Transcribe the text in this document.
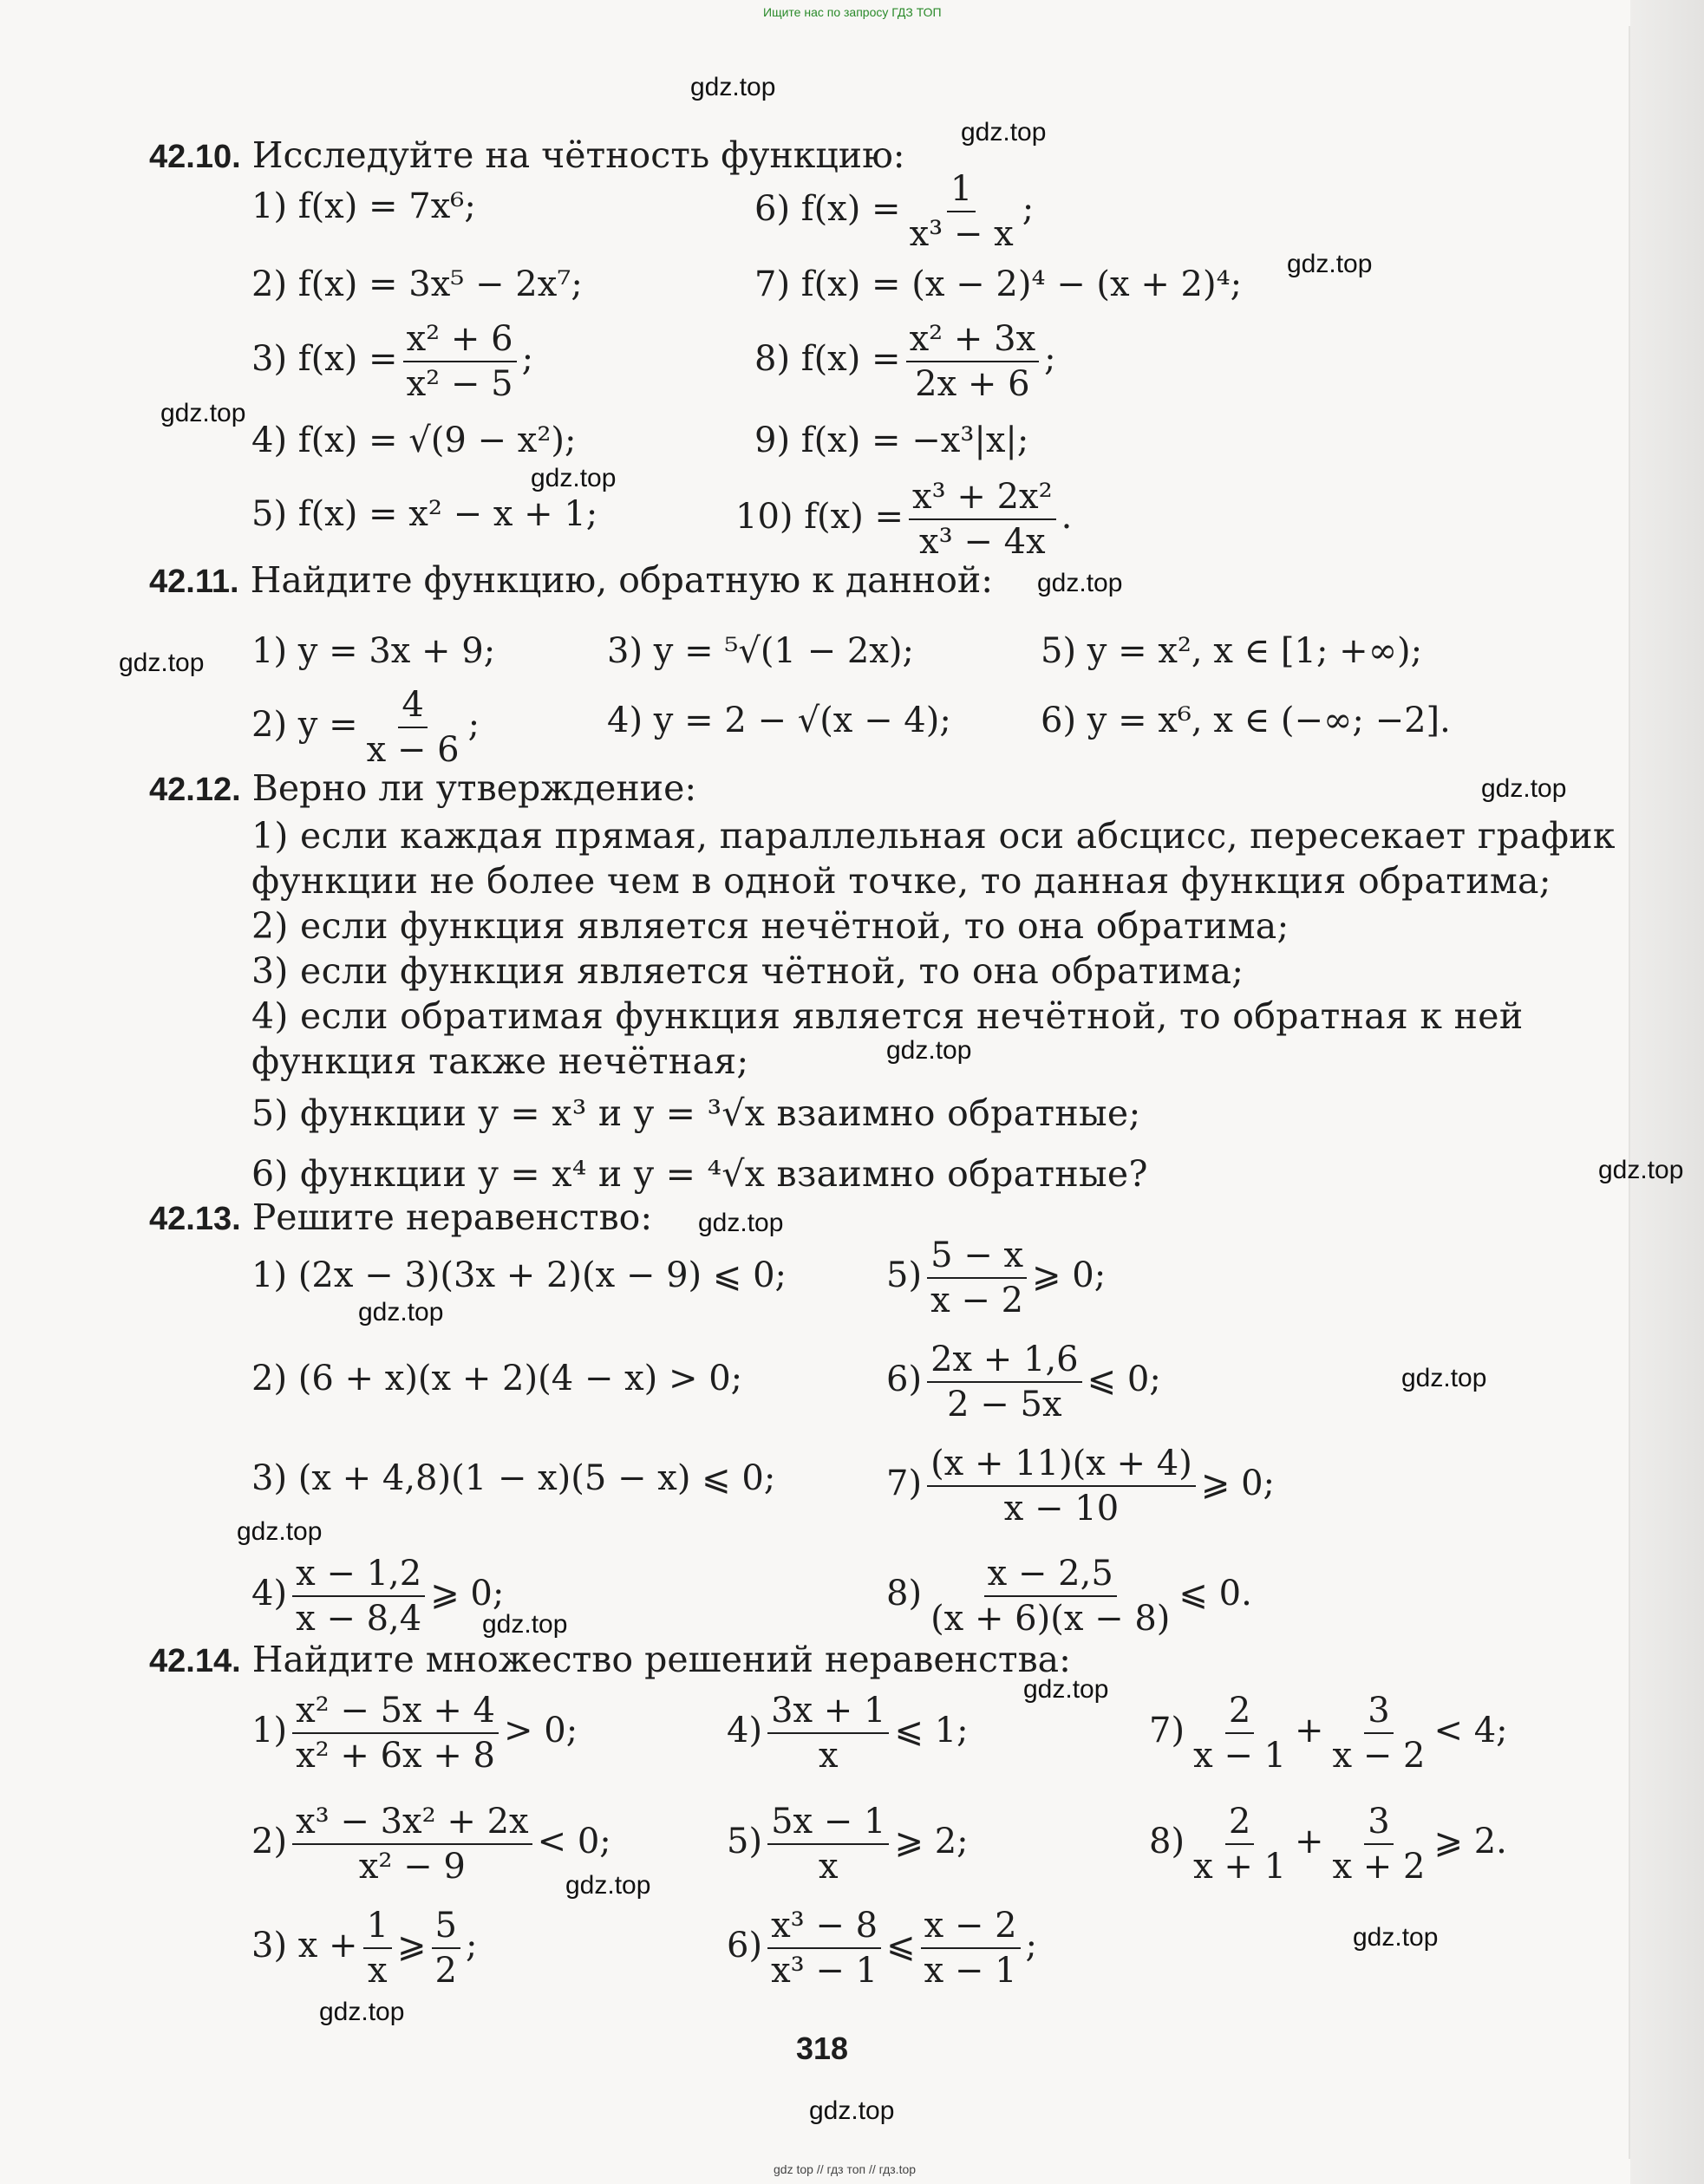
Ищите нас по запросу ГДЗ ТОП
gdz.top
gdz.top
gdz.top
gdz.top
gdz.top
gdz.top
gdz.top
gdz.top
gdz.top
gdz.top
gdz.top
gdz.top
gdz.top
gdz.top
gdz.top
gdz.top
gdz.top
gdz.top
gdz.top
gdz.top
42.10. Исследуйте на чётность функцию:
1) f(x) = 7x⁶;	6) $f(x) = \frac{1}{\text{x³ − x}}$ ;
2) f(x) = 3x⁵ − 2x⁷;	7) f(x) = (x − 2)⁴ − (x + 2)⁴;
3) $f(x) = \frac{\text{x² + 6}}{\text{x² − 5}}$ ;	8) $f(x) = \frac{\text{x² + 3x}}{2x + 6}$ ;
4) f(x) = √(9 − x²);	9) f(x) = −x³|x|;
5) f(x) = x² − x + 1;	10) $f(x) = \frac{\text{x³ + 2x²}}{\text{x³ − 4x}}$ .
42.11. Найдите функцию, обратную к данной:
1) y = 3x + 9;	3) y = ⁵√(1 − 2x);	5) y = x², x ∈ [1; +∞);
2) $y = \frac{4}{x - 6}$ ;	4) y = 2 − √(x − 4);	6) y = x⁶, x ∈ (−∞; −2].
42.12. Верно ли утверждение:
1) если каждая прямая, параллельная оси абсцисс, пересекает график
функции не более чем в одной точке, то данная функция обратима;
2) если функция является нечётной, то она обратима;
3) если функция является чётной, то она обратима;
4) если обратимая функция является нечётной, то обратная к ней
функция также нечётная;
5) функции y = x³ и y = ³√x взаимно обратные;
6) функции y = x⁴ и y = ⁴√x взаимно обратные?
42.13. Решите неравенство:
1) (2x − 3)(3x + 2)(x − 9) ⩽ 0;	$5) \frac{5 - x}{x - 2}$ ⩾ 0;
2) (6 + x)(x + 2)(4 − x) > 0;	$6) \frac{2x + 1,6}{2 - 5x}$ ⩽ 0;
3) (x + 4,8)(1 − x)(5 − x) ⩽ 0;	$7) \frac{(x + 11)(x + 4)}{x - 10}$ ⩾ 0;
$4) \frac{x - 1,2}{x - 8,4}$ ⩾ 0;	$8) \frac{x - 2,5}{(x + 6)(x - 8)}$ ⩽ 0.
42.14. Найдите множество решений неравенства:
$1) \frac{\text{x² − 5x + 4}}{\text{x² + 6x + 8}} > 0$;	$4) \frac{3x + 1}{x}$ ⩽ 1;	$7) \frac{2}{x - 1} + \frac{3}{x - 2} < 4$;
$2) \frac{\text{x³ − 3x² + 2x}}{\text{x² − 9}} < 0$;	$5) \frac{5x - 1}{x}$ ⩾ 2;	$8) \frac{2}{x + 1} + \frac{3}{x + 2}$ ⩾ 2.
3) $x + \frac{1}{x}$ ⩾ $\frac{5}{2}$ ;	$6) \frac{\text{x³ − 8}}{\text{x³ − 1}}$ ⩽ $\frac{x - 2}{x - 1}$ ;
318
gdz top // гдз топ // гдз.top
